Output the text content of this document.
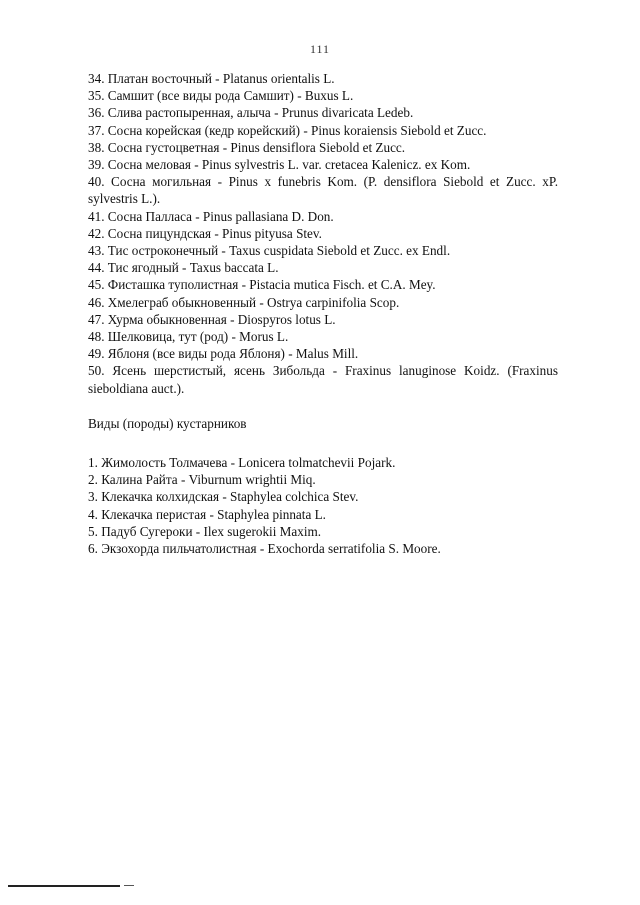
111
34. Платан восточный - Platanus orientalis L.
35. Самшит (все виды рода Самшит) - Buxus L.
36. Слива растопыренная, алыча - Prunus divaricata Ledeb.
37. Сосна корейская (кедр корейский) - Pinus koraiensis Siebold et Zucc.
38. Сосна густоцветная - Pinus densiflora Siebold et Zucc.
39. Сосна меловая - Pinus sylvestris L. var. cretacea Kalenicz. ex Kom.
40. Сосна могильная - Pinus x funebris Kom. (P. densiflora Siebold et Zucc. xP. sylvestris L.).
41. Сосна Палласа - Pinus pallasiana D. Don.
42. Сосна пицундская - Pinus pityusa Stev.
43. Тис остроконечный - Taxus cuspidata Siebold et Zucc. ex Endl.
44. Тис ягодный - Taxus baccata L.
45. Фисташка туполистная - Pistacia mutica Fisch. et C.A. Mey.
46. Хмелеграб обыкновенный - Ostrya carpinifolia Scop.
47. Хурма обыкновенная - Diospyros lotus L.
48. Шелковица, тут (род) - Morus L.
49. Яблоня (все виды рода Яблоня) - Malus Mill.
50. Ясень шерстистый, ясень Зибольда - Fraxinus lanuginose Koidz. (Fraxinus sieboldiana auct.).
Виды (породы) кустарников
1. Жимолость Толмачева - Lonicera tolmatchevii Pojark.
2. Калина Райта - Viburnum wrightii Miq.
3. Клекачка колхидская - Staphylea colchica Stev.
4. Клекачка перистая - Staphylea pinnata L.
5. Падуб Сугероки - Ilex sugerokii Maxim.
6. Экзохорда пильчатолистная - Exochorda serratifolia S. Moore.
